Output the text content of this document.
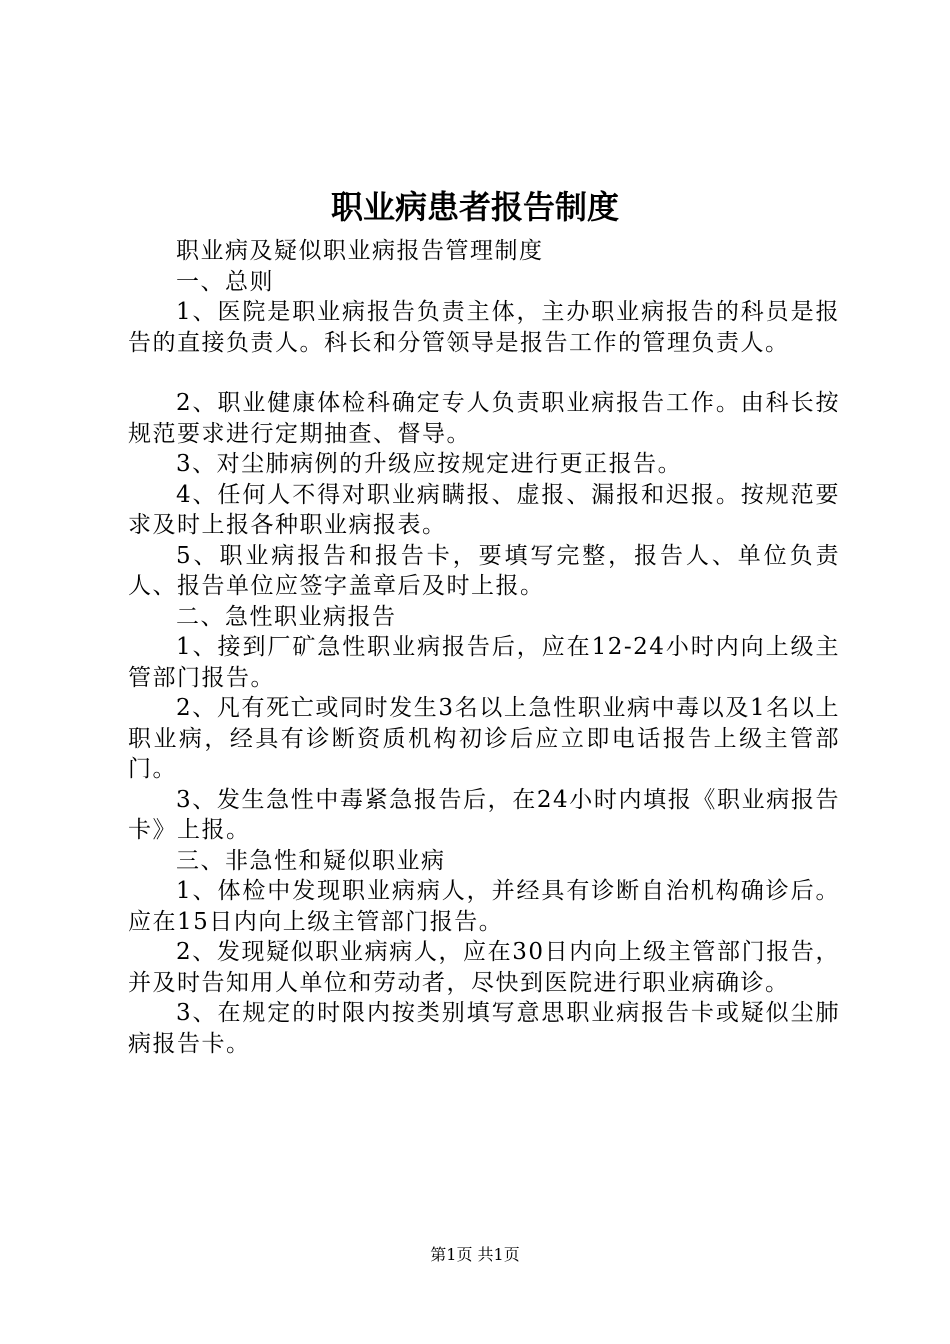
职业病患者报告制度

职业病及疑似职业病报告管理制度

一、总则

1、医院是职业病报告负责主体，主办职业病报告的科员是报告的直接负责人。科长和分管领导是报告工作的管理负责人。

2、职业健康体检科确定专人负责职业病报告工作。由科长按规范要求进行定期抽查、督导。

3、对尘肺病例的升级应按规定进行更正报告。

4、任何人不得对职业病瞒报、虚报、漏报和迟报。按规范要求及时上报各种职业病报表。

5、职业病报告和报告卡，要填写完整，报告人、单位负责人、报告单位应签字盖章后及时上报。

二、急性职业病报告

1、接到厂矿急性职业病报告后，应在12-24小时内向上级主管部门报告。

2、凡有死亡或同时发生3名以上急性职业病中毒以及1名以上职业病，经具有诊断资质机构初诊后应立即电话报告上级主管部门。

3、发生急性中毒紧急报告后，在24小时内填报《职业病报告卡》上报。

三、非急性和疑似职业病

1、体检中发现职业病病人，并经具有诊断自治机构确诊后。应在15日内向上级主管部门报告。

2、发现疑似职业病病人，应在30日内向上级主管部门报告，并及时告知用人单位和劳动者，尽快到医院进行职业病确诊。

3、在规定的时限内按类别填写意思职业病报告卡或疑似尘肺病报告卡。

第1页 共1页
